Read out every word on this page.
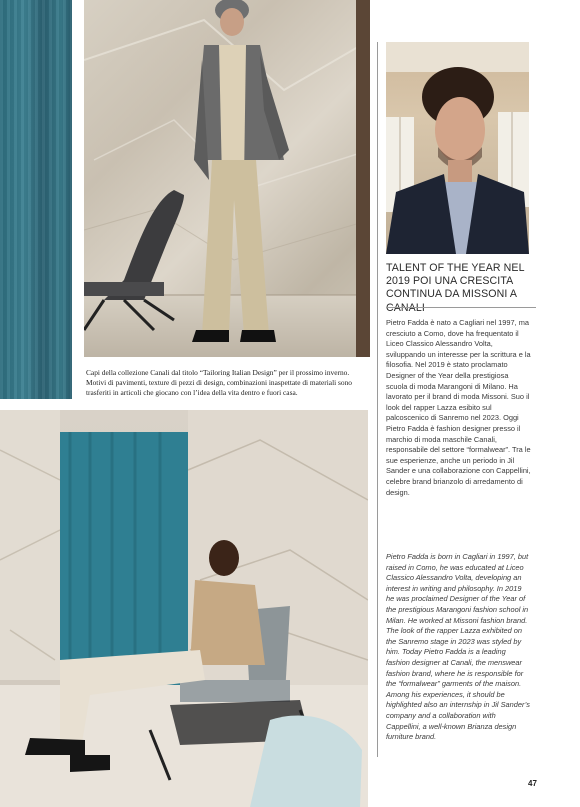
Capi della collezione Canali dal titolo “Tailoring Italian Design” per il prossimo inverno. Motivi di pavimenti, texture di pezzi di design, combinazioni inaspettate di materiali sono trasferiti in articoli che giocano con l’idea della vita dentro e fuori casa.
TALENT OF THE YEAR NEL 2019 POI UNA CRESCITA CONTINUA DA MISSONI A

Pietro Fadda è nato a Cagliari nel 1997, ma cresciuto a Como, dove ha frequentato il Liceo Classico Alessandro Volta, sviluppando un interesse per la scrittura e la filosofia. Nel 2019 è stato proclamato Designer of the Year della prestigiosa scuola di moda Marangoni di Milano. Ha lavorato per il brand di moda Missoni. Suo il look del rapper Lazza esibito sul palcoscenico di Sanremo nel 2023. Oggi Pietro Fadda è fashion designer presso il marchio di moda maschile Canali, responsabile del settore “formalwear”. Tra le sue esperienze, anche un periodo in Jil Sander e una collaborazione con Cappellini, celebre brand brianzolo di arredamento di design.

Pietro Fadda is born in Cagliari in 1997, but raised in Como, he was educated at Liceo Classico Alessandro Volta, developing an interest in writing and philosophy. In 2019 he was proclaimed Designer of the Year of the prestigious Marangoni fashion school in Milan. He worked at Missoni fashion brand. The look of the rapper Lazza exhibited on the Sanremo stage in 2023 was styled by him. Today Pietro Fadda is a leading fashion designer at Canali, the menswear fashion brand, where he is responsible for the “formalwear” garments of the maison. Among his experiences, it should be highlighted also an internship in Jil Sander’s company and a collaboration with Cappellini, a well-known Brianza design furniture brand.

47
